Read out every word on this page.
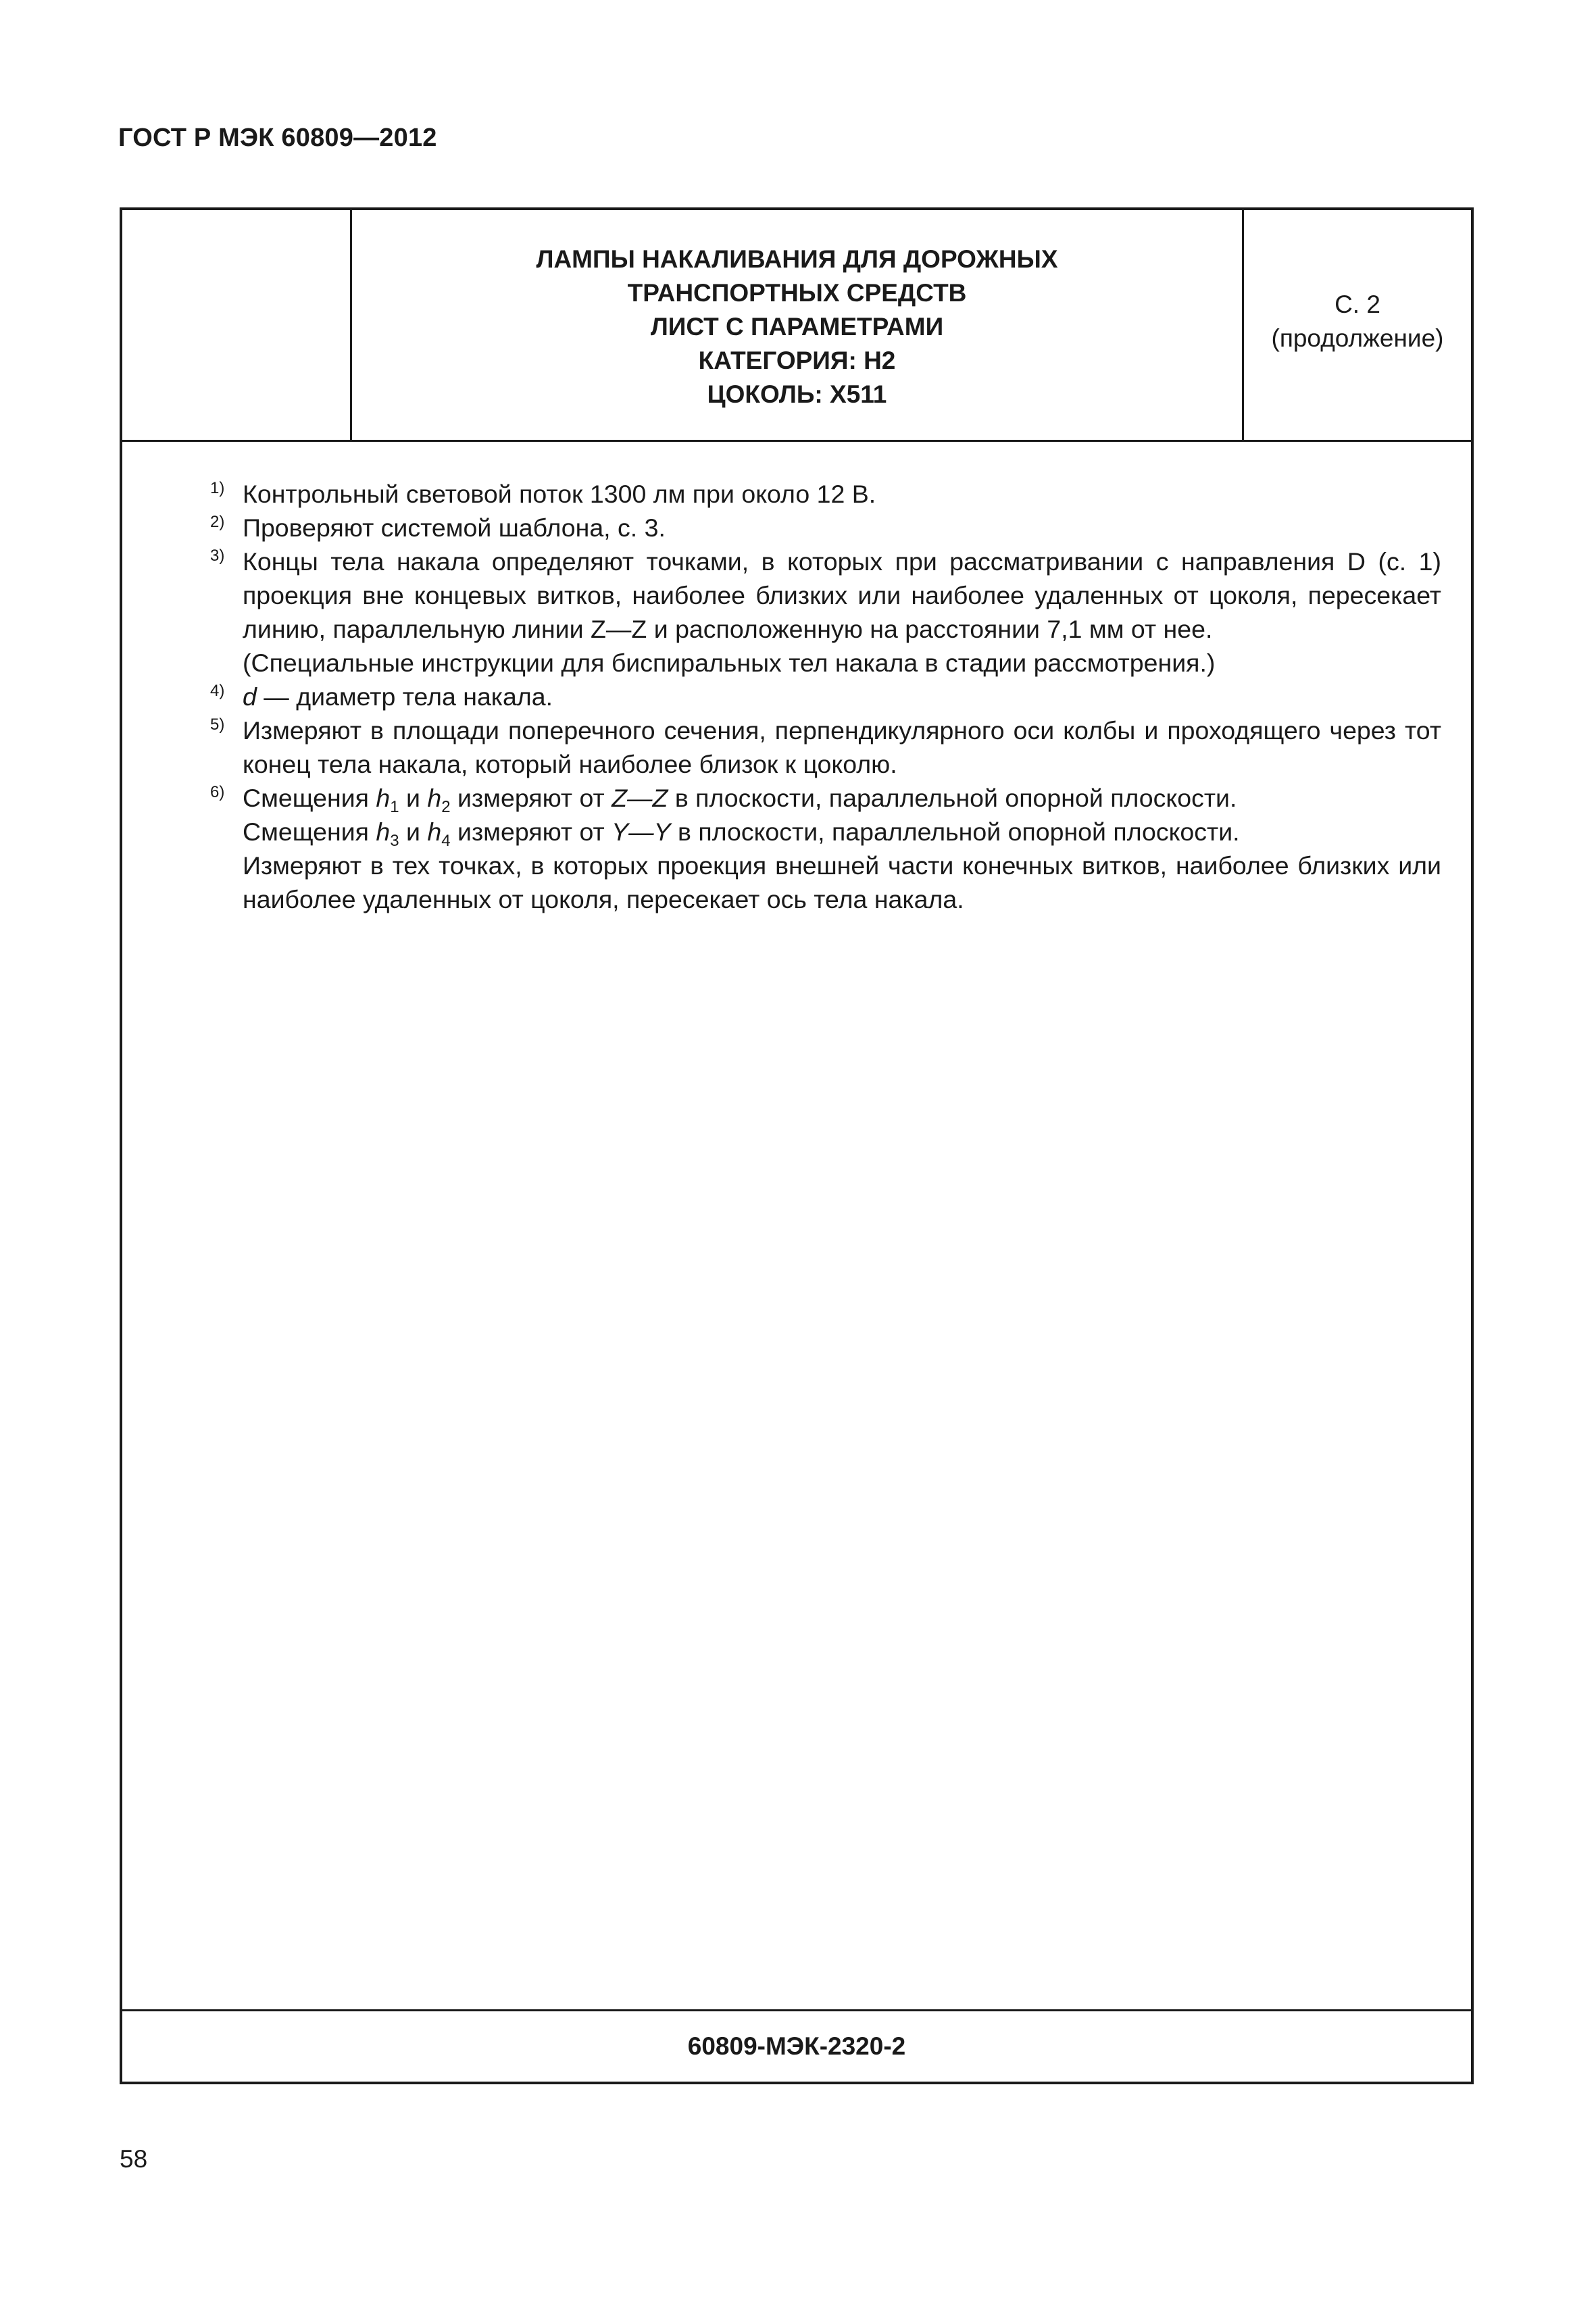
ГОСТ Р МЭК 60809—2012
ЛАМПЫ НАКАЛИВАНИЯ ДЛЯ ДОРОЖНЫХ
ТРАНСПОРТНЫХ СРЕДСТВ
ЛИСТ С ПАРАМЕТРАМИ
КАТЕГОРИЯ: Н2
ЦОКОЛЬ: Х511
С. 2
(продолжение)
1) Контрольный световой поток 1300 лм при около 12 В.

2) Проверяют системой шаблона, с. 3.

3) Концы тела накала определяют точками, в которых при рассматривании с направления D (с. 1) проекция вне концевых витков, наиболее близких или наиболее удаленных от цоколя, пересекает линию, параллельную линии Z—Z и расположенную на расстоянии 7,1 мм от нее.

(Специальные инструкции для биспиральных тел накала в стадии рассмотрения.)

4) d — диаметр тела накала.

5) Измеряют в площади поперечного сечения, перпендикулярного оси колбы и проходящего через тот конец тела накала, который наиболее близок к цоколю.

6) Смещения $h_1$ и $h_2$ измеряют от Z—Z в плоскости, параллельной опорной плоскости.

Смещения $h_3$ и $h_4$ измеряют от Y—Y в плоскости, параллельной опорной плоскости.

Измеряют в тех точках, в которых проекция внешней части конечных витков, наиболее близких или наиболее удаленных от цоколя, пересекает ось тела накала.

60809-МЭК-2320-2
58
